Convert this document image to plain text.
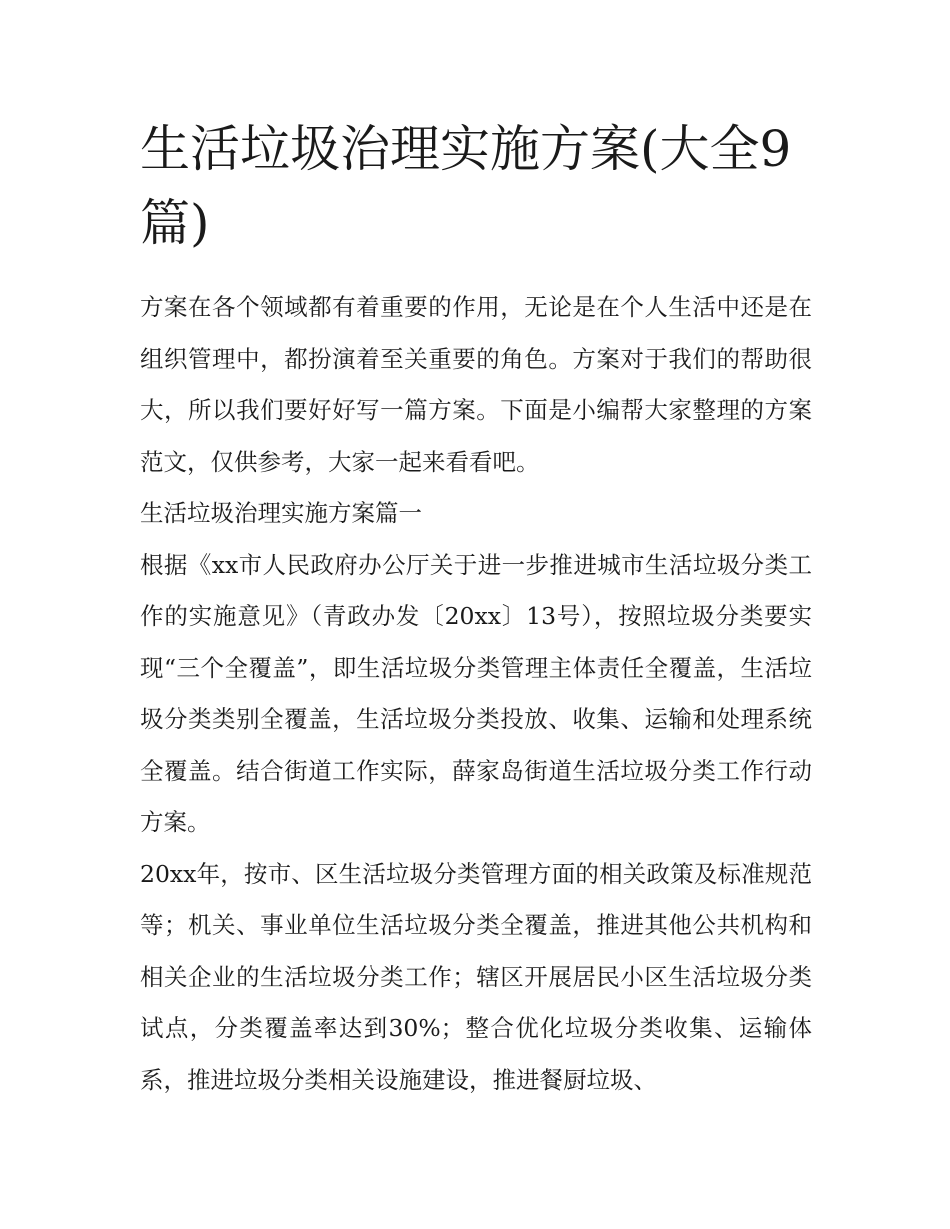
生活垃圾治理实施方案(大全9篇)

方案在各个领域都有着重要的作用，无论是在个人生活中还是在组织管理中，都扮演着至关重要的角色。方案对于我们的帮助很大，所以我们要好好写一篇方案。下面是小编帮大家整理的方案范文，仅供参考，大家一起来看看吧。

生活垃圾治理实施方案篇一

根据《xx市人民政府办公厅关于进一步推进城市生活垃圾分类工作的实施意见》（青政办发〔20xx〕13号），按照垃圾分类要实现“三个全覆盖”，即生活垃圾分类管理主体责任全覆盖，生活垃圾分类类别全覆盖，生活垃圾分类投放、收集、运输和处理系统全覆盖。结合街道工作实际，薛家岛街道生活垃圾分类工作行动方案。

20xx年，按市、区生活垃圾分类管理方面的相关政策及标准规范等；机关、事业单位生活垃圾分类全覆盖，推进其他公共机构和相关企业的生活垃圾分类工作；辖区开展居民小区生活垃圾分类试点，分类覆盖率达到30%；整合优化垃圾分类收集、运输体系，推进垃圾分类相关设施建设，推进餐厨垃圾、
